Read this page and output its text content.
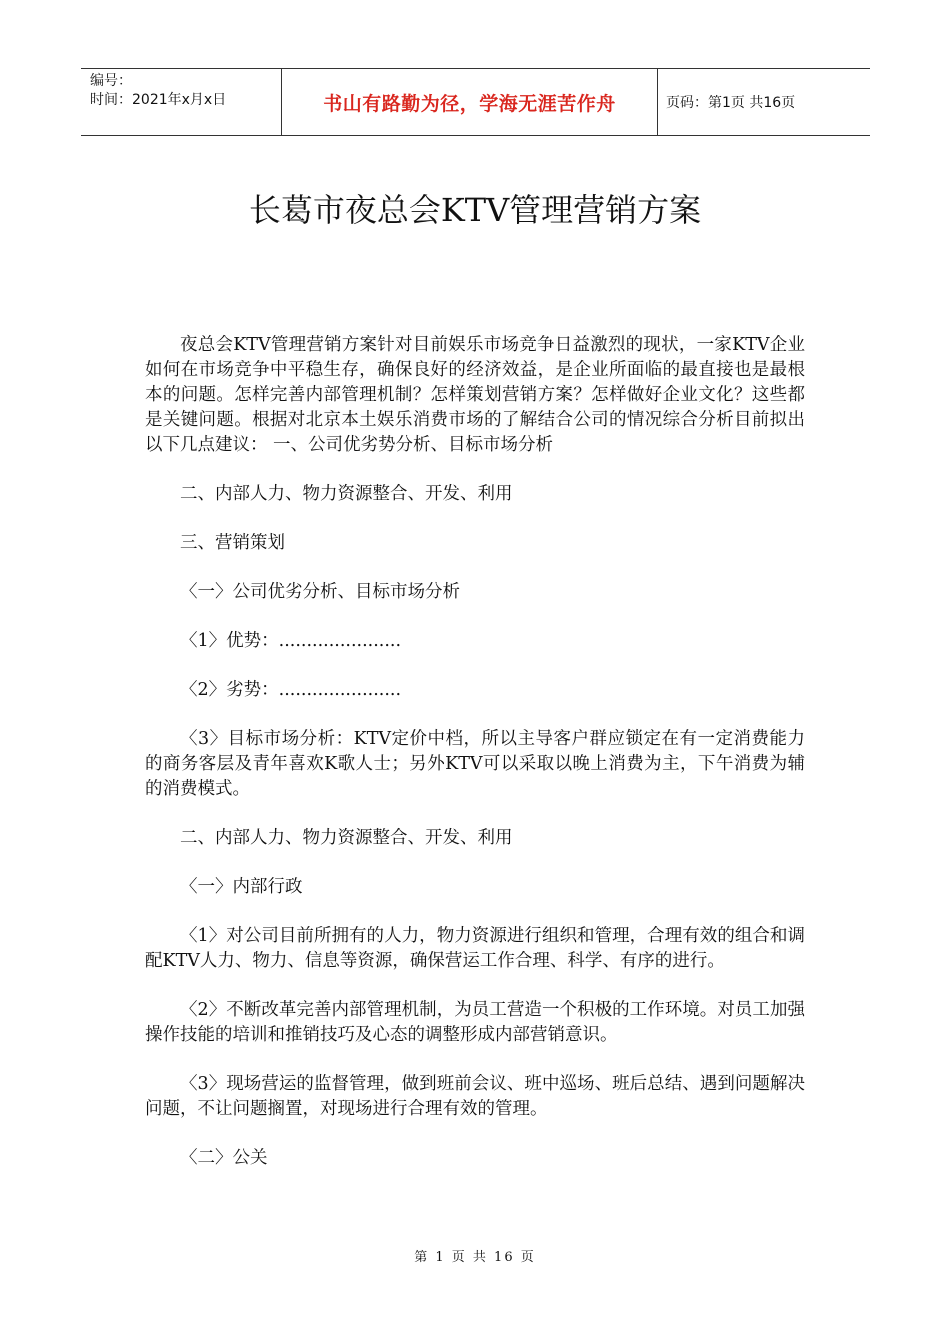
编号：
时间：2021年x月x日	书山有路勤为径，学海无涯苦作舟	页码：第1页 共16页
长葛市夜总会KTV管理营销方案

夜总会KTV管理营销方案针对目前娱乐市场竞争日益激烈的现状，一家KTV企业如何在市场竞争中平稳生存，确保良好的经济效益，是企业所面临的最直接也是最根本的问题。怎样完善内部管理机制？怎样策划营销方案？怎样做好企业文化？这些都是关键问题。根据对北京本土娱乐消费市场的了解结合公司的情况综合分析目前拟出以下几点建议： 一、公司优劣势分析、目标市场分析

二、内部人力、物力资源整合、开发、利用

三、营销策划

〈一〉公司优劣分析、目标市场分析

〈1〉优势：......................

〈2〉劣势：......................

〈3〉目标市场分析：KTV定价中档，所以主导客户群应锁定在有一定消费能力的商务客层及青年喜欢K歌人士；另外KTV可以采取以晚上消费为主，下午消费为辅的消费模式。

二、内部人力、物力资源整合、开发、利用

〈一〉内部行政

〈1〉对公司目前所拥有的人力，物力资源进行组织和管理，合理有效的组合和调配KTV人力、物力、信息等资源，确保营运工作合理、科学、有序的进行。

〈2〉不断改革完善内部管理机制，为员工营造一个积极的工作环境。对员工加强操作技能的培训和推销技巧及心态的调整形成内部营销意识。

〈3〉现场营运的监督管理，做到班前会议、班中巡场、班后总结、遇到问题解决问题，不让问题搁置，对现场进行合理有效的管理。

〈二〉公关

第 1 页 共 16 页
